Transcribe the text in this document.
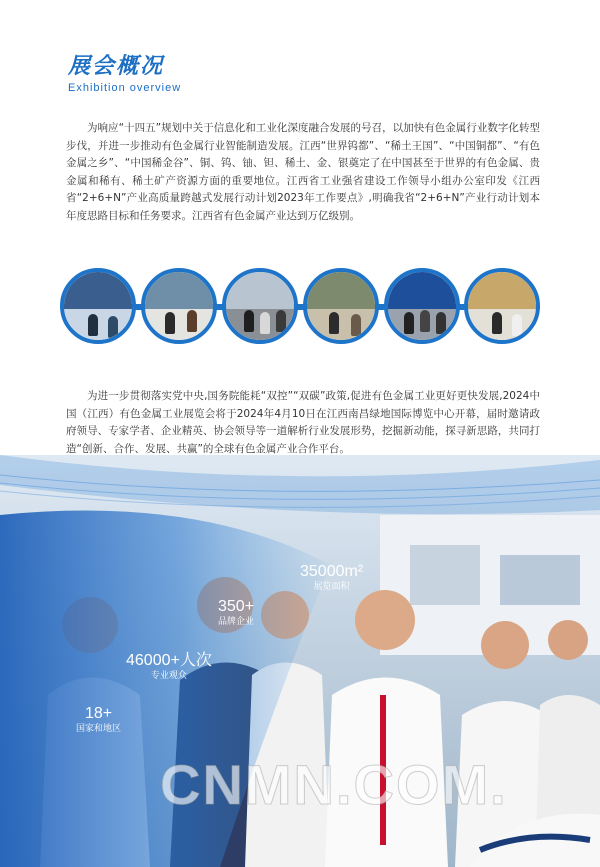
展会概况
Exhibition overview

为响应“十四五”规划中关于信息化和工业化深度融合发展的号召，以加快有色金属行业数字化转型步伐，并进一步推动有色金属行业智能制造发展。江西“世界钨都”、“稀土王国”、“中国铜都”、“有色金属之乡”、“中国稀金谷”、铜、钨、铀、钽、稀土、金、银奠定了在中国甚至于世界的有色金属、贵金属和稀有、稀土矿产资源方面的重要地位。江西省工业强省建设工作领导小组办公室印发《江西省“2+6+N”产业高质量跨越式发展行动计划2023年工作要点》,明确我省“2+6+N”产业行动计划本年度思路目标和任务要求。江西省有色金属产业达到万亿级别。

为进一步贯彻落实党中央,国务院能耗“双控”“双碳”政策,促进有色金属工业更好更快发展,2024中国（江西）有色金属工业展览会将于2024年4月10日在江西南昌绿地国际博览中心开幕，届时邀请政府领导、专家学者、企业精英、协会领导等一道解析行业发展形势，挖掘新动能，探寻新思路，共同打造“创新、合作、发展、共赢”的全球有色金属产业合作平台。

35000m²
展览面积
350+
品牌企业
46000+人次
专业观众
18+
国家和地区
CNMN.COM.
